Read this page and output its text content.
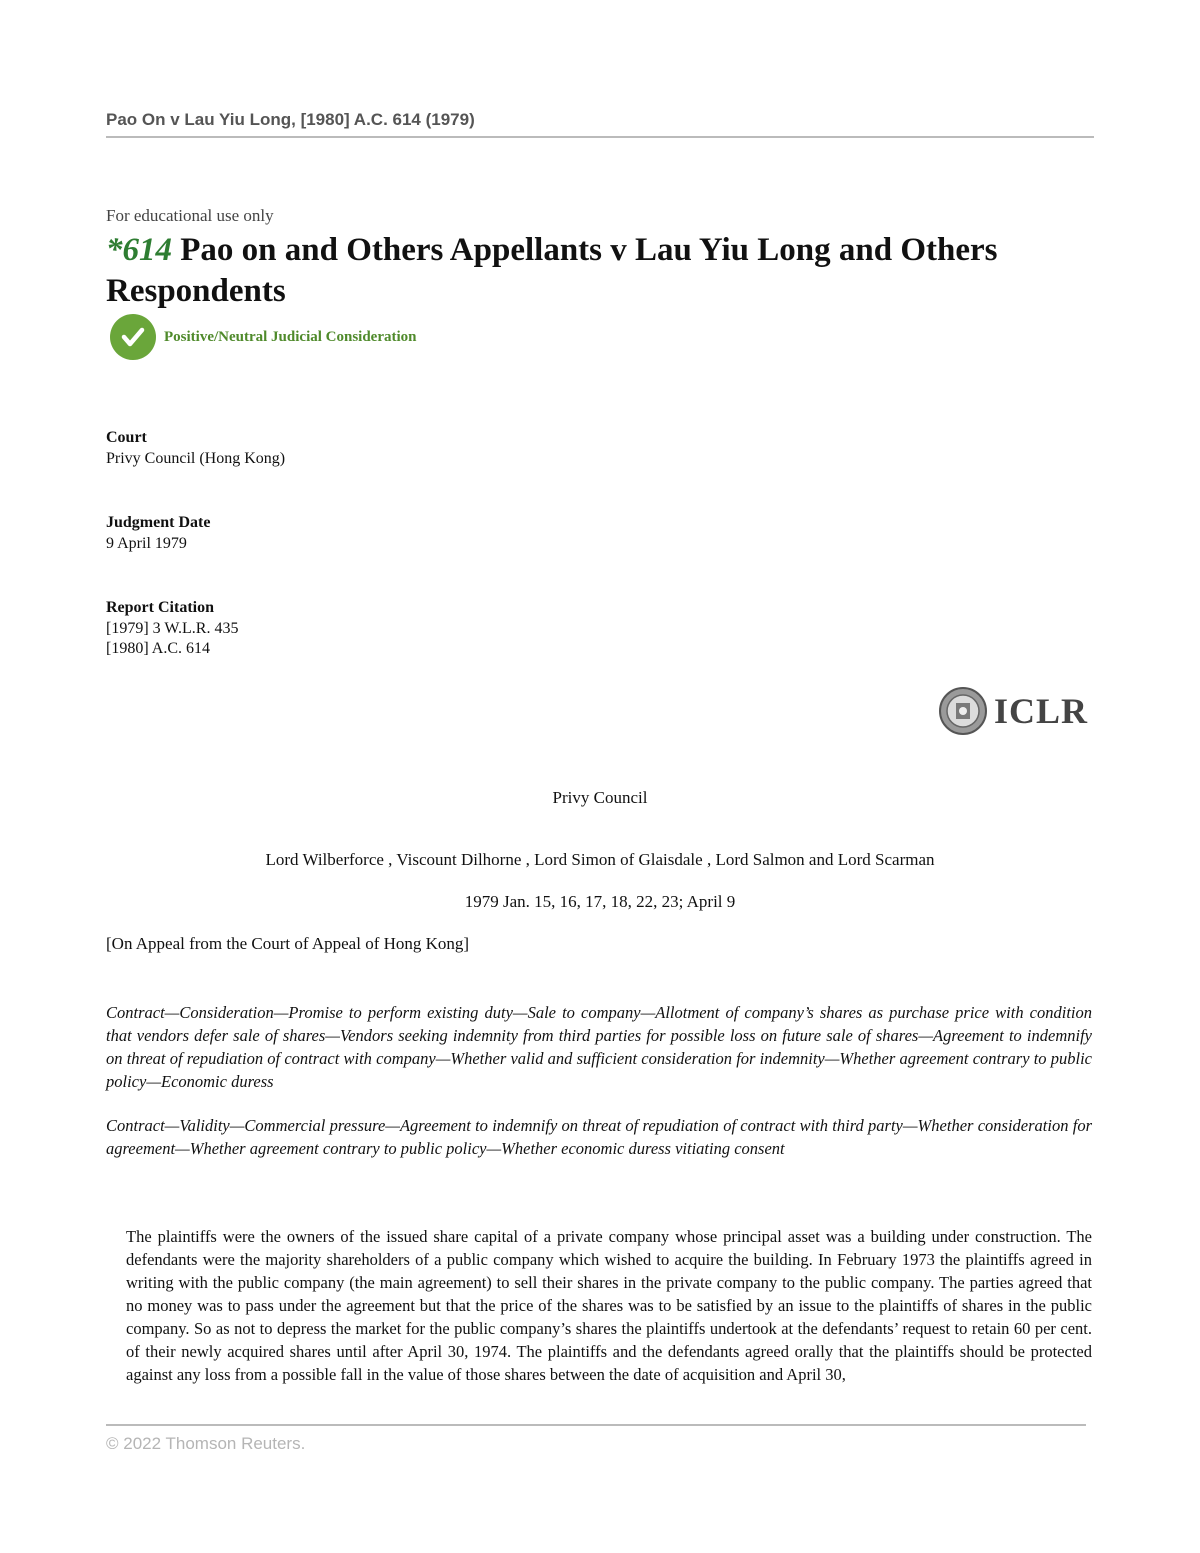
Pao On v Lau Yiu Long, [1980] A.C. 614 (1979)
For educational use only
*614 Pao on and Others Appellants v Lau Yiu Long and Others Respondents
Positive/Neutral Judicial Consideration
Court
Privy Council (Hong Kong)
Judgment Date
9 April 1979
Report Citation
[1979] 3 W.L.R. 435
[1980] A.C. 614
ICLR
Privy Council
Lord Wilberforce , Viscount Dilhorne , Lord Simon of Glaisdale , Lord Salmon and Lord Scarman
1979 Jan. 15, 16, 17, 18, 22, 23; April 9
[On Appeal from the Court of Appeal of Hong Kong]

Contract—Consideration—Promise to perform existing duty—Sale to company—Allotment of company’s shares as purchase price with condition that vendors defer sale of shares—Vendors seeking indemnity from third parties for possible loss on future sale of shares—Agreement to indemnify on threat of repudiation of contract with company—Whether valid and sufficient consideration for indemnity—Whether agreement contrary to public policy—Economic duress

Contract—Validity—Commercial pressure—Agreement to indemnify on threat of repudiation of contract with third party—Whether consideration for agreement—Whether agreement contrary to public policy—Whether economic duress vitiating consent

The plaintiffs were the owners of the issued share capital of a private company whose principal asset was a building under construction. The defendants were the majority shareholders of a public company which wished to acquire the building. In February 1973 the plaintiffs agreed in writing with the public company (the main agreement) to sell their shares in the private company to the public company. The parties agreed that no money was to pass under the agreement but that the price of the shares was to be satisfied by an issue to the plaintiffs of shares in the public company. So as not to depress the market for the public company’s shares the plaintiffs undertook at the defendants’ request to retain 60 per cent. of their newly acquired shares until after April 30, 1974. The plaintiffs and the defendants agreed orally that the plaintiffs should be protected against any loss from a possible fall in the value of those shares between the date of acquisition and April 30,

© 2022 Thomson Reuters.
